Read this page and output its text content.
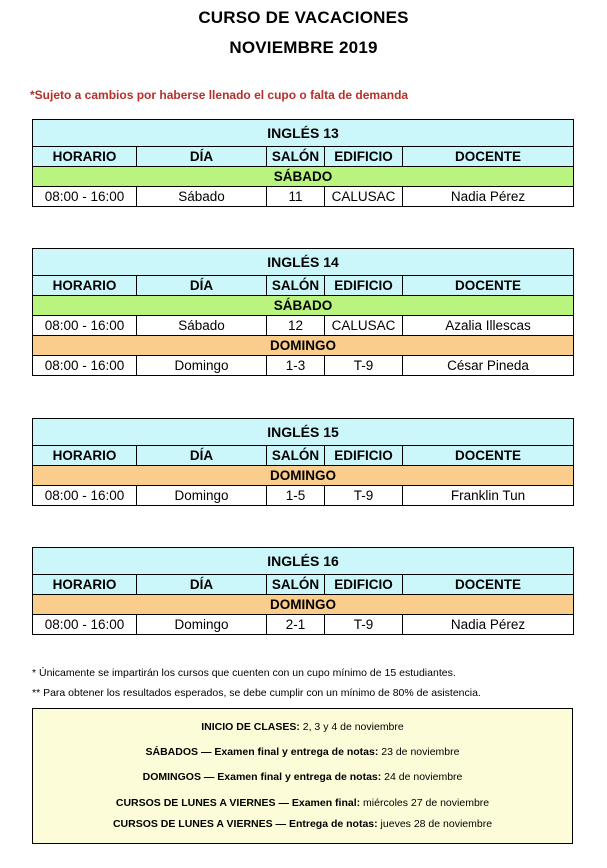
CURSO DE VACACIONES
NOVIEMBRE 2019
*Sujeto a cambios por haberse llenado el cupo o falta de demanda
INGLÉS 13				
HORARIO	DÍA	SALÓN	EDIFICIO	DOCENTE
SÁBADO				
08:00 - 16:00	Sábado	11	CALUSAC	Nadia Pérez
INGLÉS 14				
HORARIO	DÍA	SALÓN	EDIFICIO	DOCENTE
SÁBADO				
08:00 - 16:00	Sábado	12	CALUSAC	Azalia Illescas
DOMINGO				
08:00 - 16:00	Domingo	1-3	T-9	César Pineda
INGLÉS 15				
HORARIO	DÍA	SALÓN	EDIFICIO	DOCENTE
DOMINGO				
08:00 - 16:00	Domingo	1-5	T-9	Franklin Tun
INGLÉS 16				
HORARIO	DÍA	SALÓN	EDIFICIO	DOCENTE
DOMINGO				
08:00 - 16:00	Domingo	2-1	T-9	Nadia Pérez
* Únicamente se impartirán los cursos que cuenten con un cupo mínimo de 15 estudiantes.
** Para obtener los resultados esperados, se debe cumplir con un mínimo de 80% de asistencia.
INICIO DE CLASES: 2, 3 y 4 de noviembre
SÁBADOS — Examen final y entrega de notas: 23 de noviembre
DOMINGOS — Examen final y entrega de notas: 24 de noviembre
CURSOS DE LUNES A VIERNES — Examen final: miércoles 27 de noviembre
CURSOS DE LUNES A VIERNES — Entrega de notas: jueves 28 de noviembre
